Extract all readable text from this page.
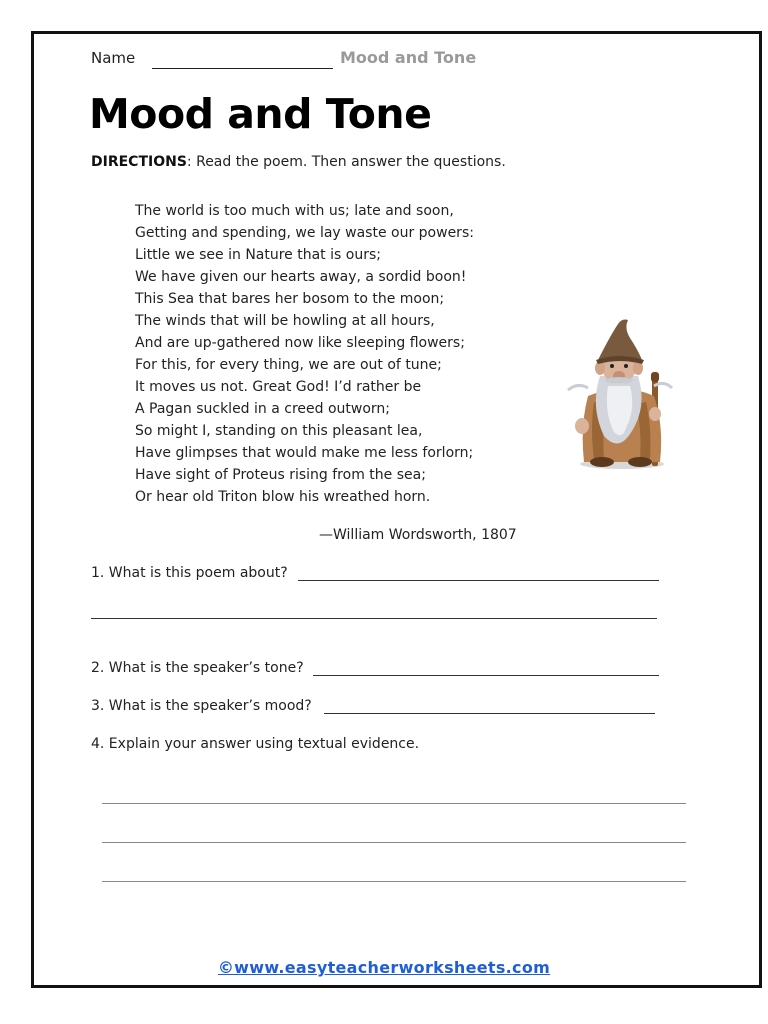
Name	Mood and Tone
Mood and Tone
DIRECTIONS: Read the poem. Then answer the questions.
The world is too much with us; late and soon,
Getting and spending, we lay waste our powers:
Little we see in Nature that is ours;
We have given our hearts away, a sordid boon!
This Sea that bares her bosom to the moon;
The winds that will be howling at all hours,
And are up-gathered now like sleeping flowers;
For this, for every thing, we are out of tune;
It moves us not. Great God! I’d rather be
A Pagan suckled in a creed outworn;
So might I, standing on this pleasant lea,
Have glimpses that would make me less forlorn;
Have sight of Proteus rising from the sea;
Or hear old Triton blow his wreathed horn.
—William Wordsworth, 1807
1. What is this poem about?
2. What is the speaker’s tone?
3. What is the speaker’s mood?
4. Explain your answer using textual evidence.
©www.easyteacherworksheets.com
